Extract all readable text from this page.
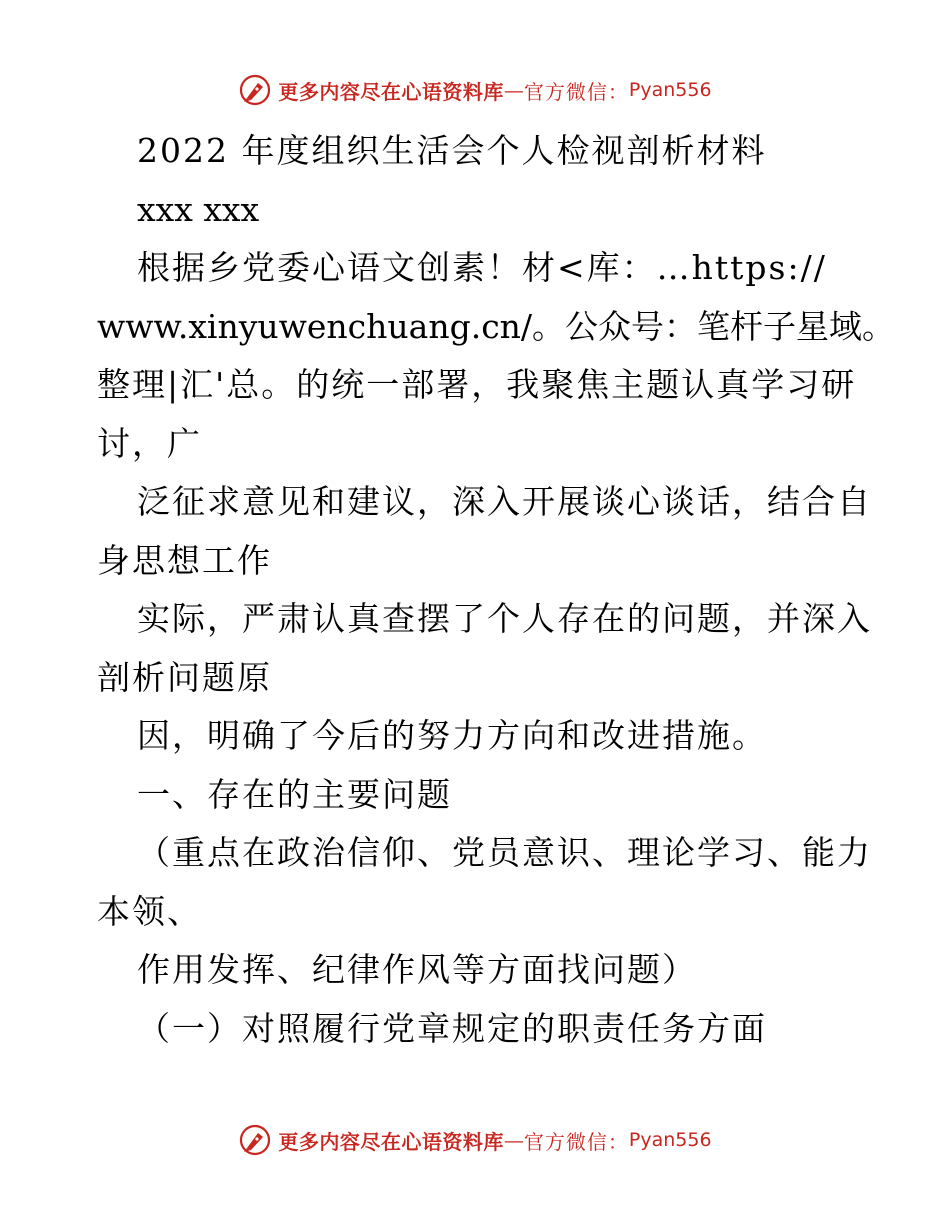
更多内容尽在心语资料库 — 官方微信： Pyan556
2022 年度组织生活会个人检视剖析材料
xxx xxx
根据乡党委心语文创素！材<库：…https://
www.xinyuwenchuang.cn/。公众号：笔杆子星域。
整理|汇'总。的统一部署，我聚焦主题认真学习研
讨，广
泛征求意见和建议，深入开展谈心谈话，结合自
身思想工作
实际，严肃认真查摆了个人存在的问题，并深入
剖析问题原
因，明确了今后的努力方向和改进措施。
一、存在的主要问题
（重点在政治信仰、党员意识、理论学习、能力
本领、
作用发挥、纪律作风等方面找问题）
（一）对照履行党章规定的职责任务方面
更多内容尽在心语资料库 — 官方微信： Pyan556
